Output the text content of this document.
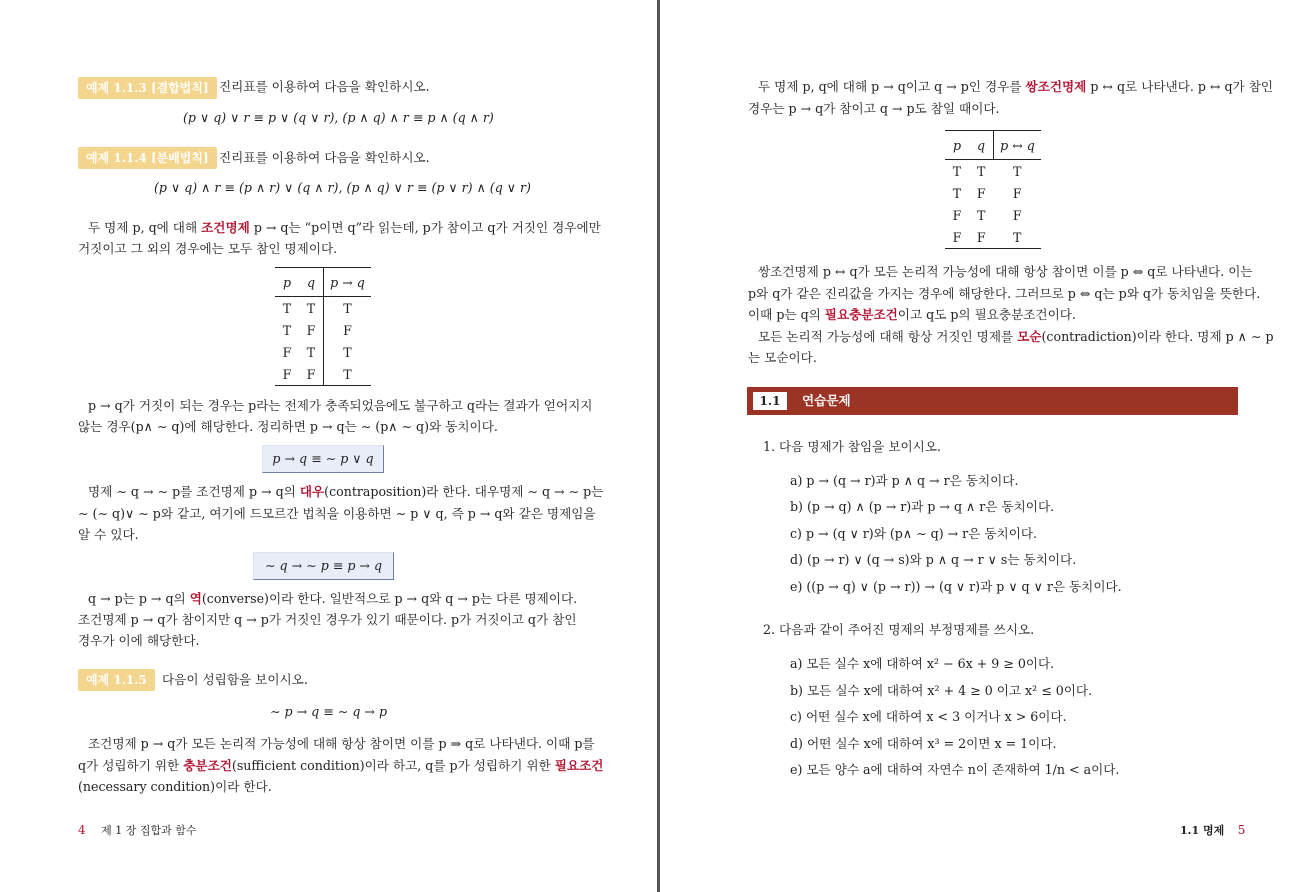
예제 1.1.3 [결합법칙] 진리표를 이용하여 다음을 확인하시오.
(p ∨ q) ∨ r ≡ p ∨ (q ∨ r), (p ∧ q) ∧ r ≡ p ∧ (q ∧ r)
예제 1.1.4 [분배법칙] 진리표를 이용하여 다음을 확인하시오.
(p ∨ q) ∧ r ≡ (p ∧ r) ∨ (q ∧ r), (p ∧ q) ∨ r ≡ (p ∨ r) ∧ (q ∨ r)
두 명제 p, q에 대해 조건명제 p → q는 “p이면 q”라 읽는데, p가 참이고 q가 거짓인 경우에만
거짓이고 그 외의 경우에는 모두 참인 명제이다.
p	q	p → q
T	T	T
T	F	F
F	T	T
F	F	T
p → q가 거짓이 되는 경우는 p라는 전제가 충족되었음에도 불구하고 q라는 결과가 얻어지지
않는 경우(p∧ ∼ q)에 해당한다. 정리하면 p → q는 ∼ (p∧ ∼ q)와 동치이다.
p → q ≡ ∼ p ∨ q
명제 ∼ q → ∼ p를 조건명제 p → q의 대우(contraposition)라 한다. 대우명제 ∼ q → ∼ p는
∼ (∼ q)∨ ∼ p와 같고, 여기에 드모르간 법칙을 이용하면 ∼ p ∨ q, 즉 p → q와 같은 명제임을
알 수 있다.
∼ q → ∼ p ≡ p → q
q → p는 p → q의 역(converse)이라 한다. 일반적으로 p → q와 q → p는 다른 명제이다.
조건명제 p → q가 참이지만 q → p가 거짓인 경우가 있기 때문이다. p가 거짓이고 q가 참인
경우가 이에 해당한다.
예제 1.1.5	다음이 성립함을 보이시오.
∼ p → q ≡ ∼ q → p
조건명제 p → q가 모든 논리적 가능성에 대해 항상 참이면 이를 p ⇒ q로 나타낸다. 이때 p를
q가 성립하기 위한 충분조건(sufficient condition)이라 하고, q를 p가 성립하기 위한 필요조건
(necessary condition)이라 한다.
4 제 1 장 집합과 함수
두 명제 p, q에 대해 p → q이고 q → p인 경우를 쌍조건명제 p ↔ q로 나타낸다. p ↔ q가 참인
경우는 p → q가 참이고 q → p도 참일 때이다.
p	q	p ↔ q
T	T	T
T	F	F
F	T	F
F	F	T
쌍조건명제 p ↔ q가 모든 논리적 가능성에 대해 항상 참이면 이를 p ⇔ q로 나타낸다. 이는
p와 q가 같은 진리값을 가지는 경우에 해당한다. 그러므로 p ⇔ q는 p와 q가 동치임을 뜻한다.
이때 p는 q의 필요충분조건이고 q도 p의 필요충분조건이다.
모든 논리적 가능성에 대해 항상 거짓인 명제를 모순(contradiction)이라 한다. 명제 p ∧ ∼ p
는 모순이다.
1.1	연습문제
1. 다음 명제가 참임을 보이시오.
a) p → (q → r)과 p ∧ q → r은 동치이다.
b) (p → q) ∧ (p → r)과 p → q ∧ r은 동치이다.
c) p → (q ∨ r)와 (p∧ ∼ q) → r은 동치이다.
d) (p → r) ∨ (q → s)와 p ∧ q → r ∨ s는 동치이다.
e) ((p → q) ∨ (p → r)) → (q ∨ r)과 p ∨ q ∨ r은 동치이다.
2. 다음과 같이 주어진 명제의 부정명제를 쓰시오.
a) 모든 실수 x에 대하여 x² − 6x + 9 ≥ 0이다.
b) 모든 실수 x에 대하여 x² + 4 ≥ 0 이고 x² ≤ 0이다.
c) 어떤 실수 x에 대하여 x < 3 이거나 x > 6이다.
d) 어떤 실수 x에 대하여 x³ = 2이면 x = 1이다.
e) 모든 양수 a에 대하여 자연수 n이 존재하여 1/n < a이다.
1.1 명제 5
